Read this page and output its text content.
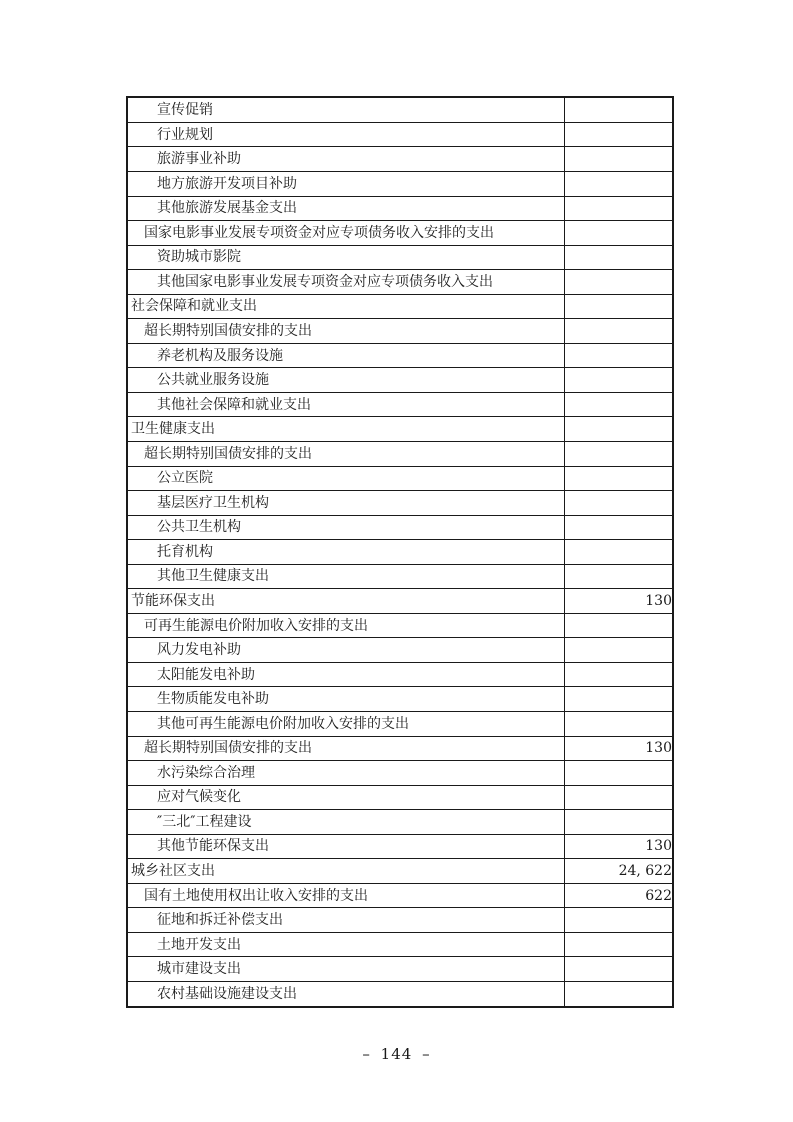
宣传促销	
行业规划	
旅游事业补助	
地方旅游开发项目补助	
其他旅游发展基金支出	
国家电影事业发展专项资金对应专项债务收入安排的支出	
资助城市影院	
其他国家电影事业发展专项资金对应专项债务收入支出	
社会保障和就业支出	
超长期特别国债安排的支出	
养老机构及服务设施	
公共就业服务设施	
其他社会保障和就业支出	
卫生健康支出	
超长期特别国债安排的支出	
公立医院	
基层医疗卫生机构	
公共卫生机构	
托育机构	
其他卫生健康支出	
节能环保支出	130
可再生能源电价附加收入安排的支出	
风力发电补助	
太阳能发电补助	
生物质能发电补助	
其他可再生能源电价附加收入安排的支出	
超长期特别国债安排的支出	130
水污染综合治理	
应对气候变化	
″三北″工程建设	
其他节能环保支出	130
城乡社区支出	24, 622
国有土地使用权出让收入安排的支出	622
征地和拆迁补偿支出	
土地开发支出	
城市建设支出	
农村基础设施建设支出	
– 144 –
